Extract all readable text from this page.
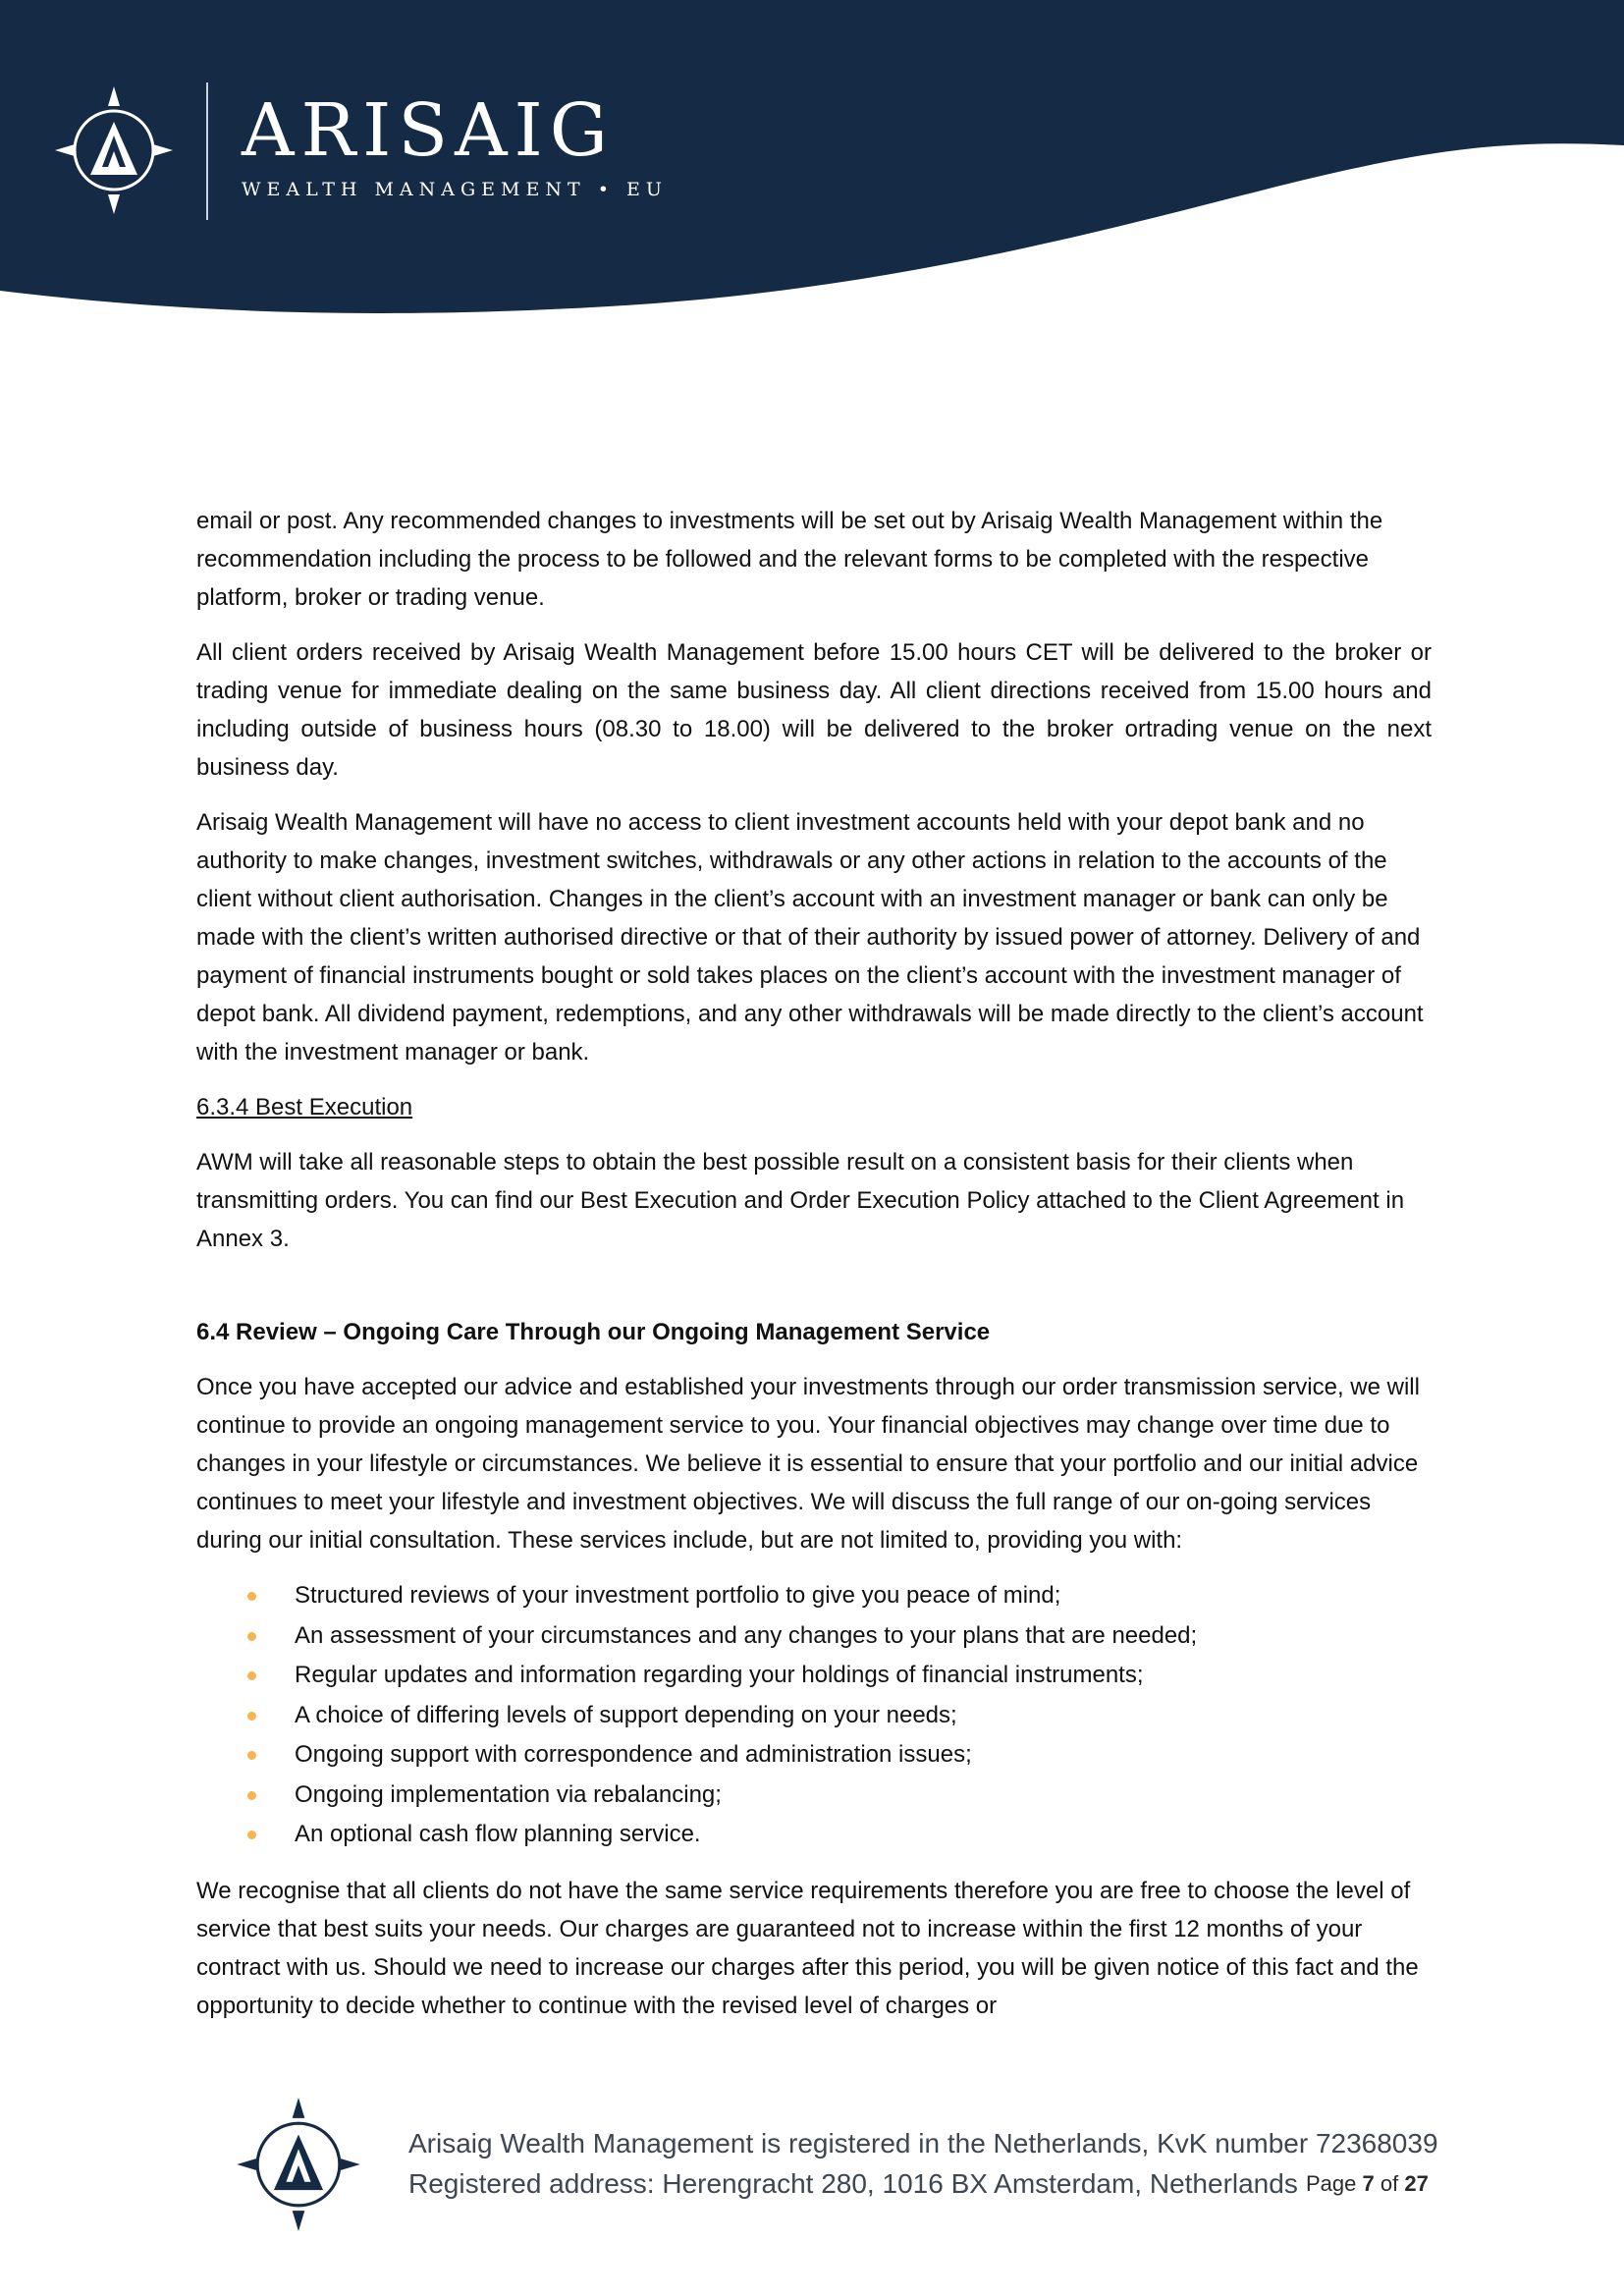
ARISAIG
WEALTH MANAGEMENT • EU

email or post. Any recommended changes to investments will be set out by Arisaig Wealth Management within the recommendation including the process to be followed and the relevant forms to be completed with the respective platform, broker or trading venue.

All client orders received by Arisaig Wealth Management before 15.00 hours CET will be delivered to the broker or trading venue for immediate dealing on the same business day. All client directions received from 15.00 hours and including outside of business hours (08.30 to 18.00) will be delivered to the broker ortrading venue on the next business day.

Arisaig Wealth Management will have no access to client investment accounts held with your depot bank and no authority to make changes, investment switches, withdrawals or any other actions in relation to the accounts of the client without client authorisation. Changes in the client’s account with an investment manager or bank can only be made with the client’s written authorised directive or that of their authority by issued power of attorney. Delivery of and payment of financial instruments bought or sold takes places on the client’s account with the investment manager of depot bank. All dividend payment, redemptions, and any other withdrawals will be made directly to the client’s account with the investment manager or bank.

6.3.4 Best Execution

AWM will take all reasonable steps to obtain the best possible result on a consistent basis for their clients when transmitting orders. You can find our Best Execution and Order Execution Policy attached to the Client Agreement in Annex 3.

6.4 Review – Ongoing Care Through our Ongoing Management Service

Once you have accepted our advice and established your investments through our order transmission service, we will continue to provide an ongoing management service to you. Your financial objectives may change over time due to changes in your lifestyle or circumstances. We believe it is essential to ensure that your portfolio and our initial advice continues to meet your lifestyle and investment objectives. We will discuss the full range of our on-going services during our initial consultation. These services include, but are not limited to, providing you with:

Structured reviews of your investment portfolio to give you peace of mind;
An assessment of your circumstances and any changes to your plans that are needed;
Regular updates and information regarding your holdings of financial instruments;
A choice of differing levels of support depending on your needs;
Ongoing support with correspondence and administration issues;
Ongoing implementation via rebalancing;
An optional cash flow planning service.

We recognise that all clients do not have the same service requirements therefore you are free to choose the level of service that best suits your needs. Our charges are guaranteed not to increase within the first 12 months of your contract with us. Should we need to increase our charges after this period, you will be given notice of this fact and the opportunity to decide whether to continue with the revised level of charges or

Arisaig Wealth Management is registered in the Netherlands, KvK number 72368039
Registered address: Herengracht 280, 1016 BX Amsterdam, Netherlands Page 7 of 27
